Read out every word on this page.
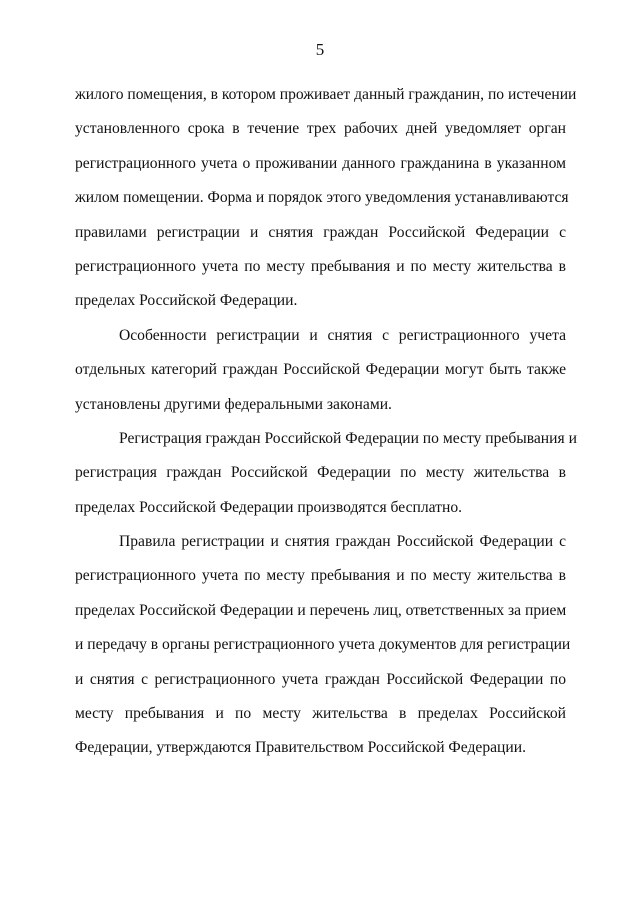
5

жилого помещения, в котором проживает данный гражданин, по истечении
установленного срока в течение трех рабочих дней уведомляет орган
регистрационного учета о проживании данного гражданина в указанном
жилом помещении. Форма и порядок этого уведомления устанавливаются
правилами регистрации и снятия граждан Российской Федерации с
регистрационного учета по месту пребывания и по месту жительства в
пределах Российской Федерации.

Особенности регистрации и снятия с регистрационного учета
отдельных категорий граждан Российской Федерации могут быть также
установлены другими федеральными законами.

Регистрация граждан Российской Федерации по месту пребывания и
регистрация граждан Российской Федерации по месту жительства в
пределах Российской Федерации производятся бесплатно.

Правила регистрации и снятия граждан Российской Федерации с
регистрационного учета по месту пребывания и по месту жительства в
пределах Российской Федерации и перечень лиц, ответственных за прием
и передачу в органы регистрационного учета документов для регистрации
и снятия с регистрационного учета граждан Российской Федерации по
месту пребывания и по месту жительства в пределах Российской
Федерации, утверждаются Правительством Российской Федерации.
